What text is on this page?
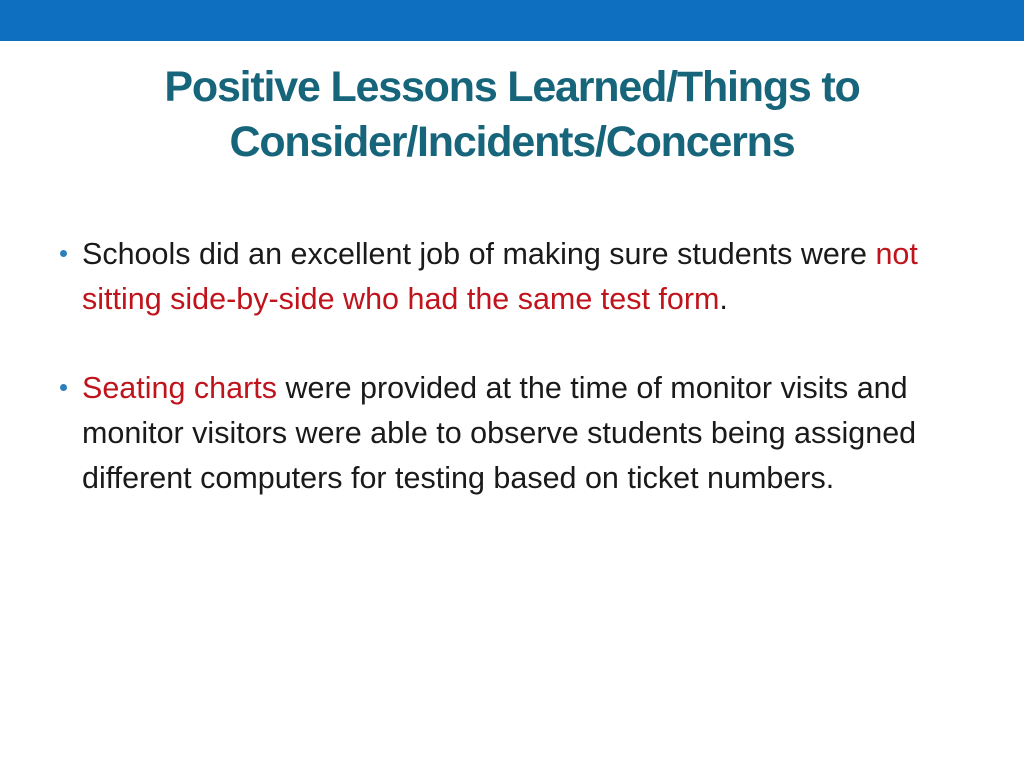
Positive Lessons Learned/Things to
Consider/Incidents/Concerns
Schools did an excellent job of making sure students were not sitting side-by-side who had the same test form.
Seating charts were provided at the time of monitor visits and monitor visitors were able to observe students being assigned different computers for testing based on ticket numbers.
